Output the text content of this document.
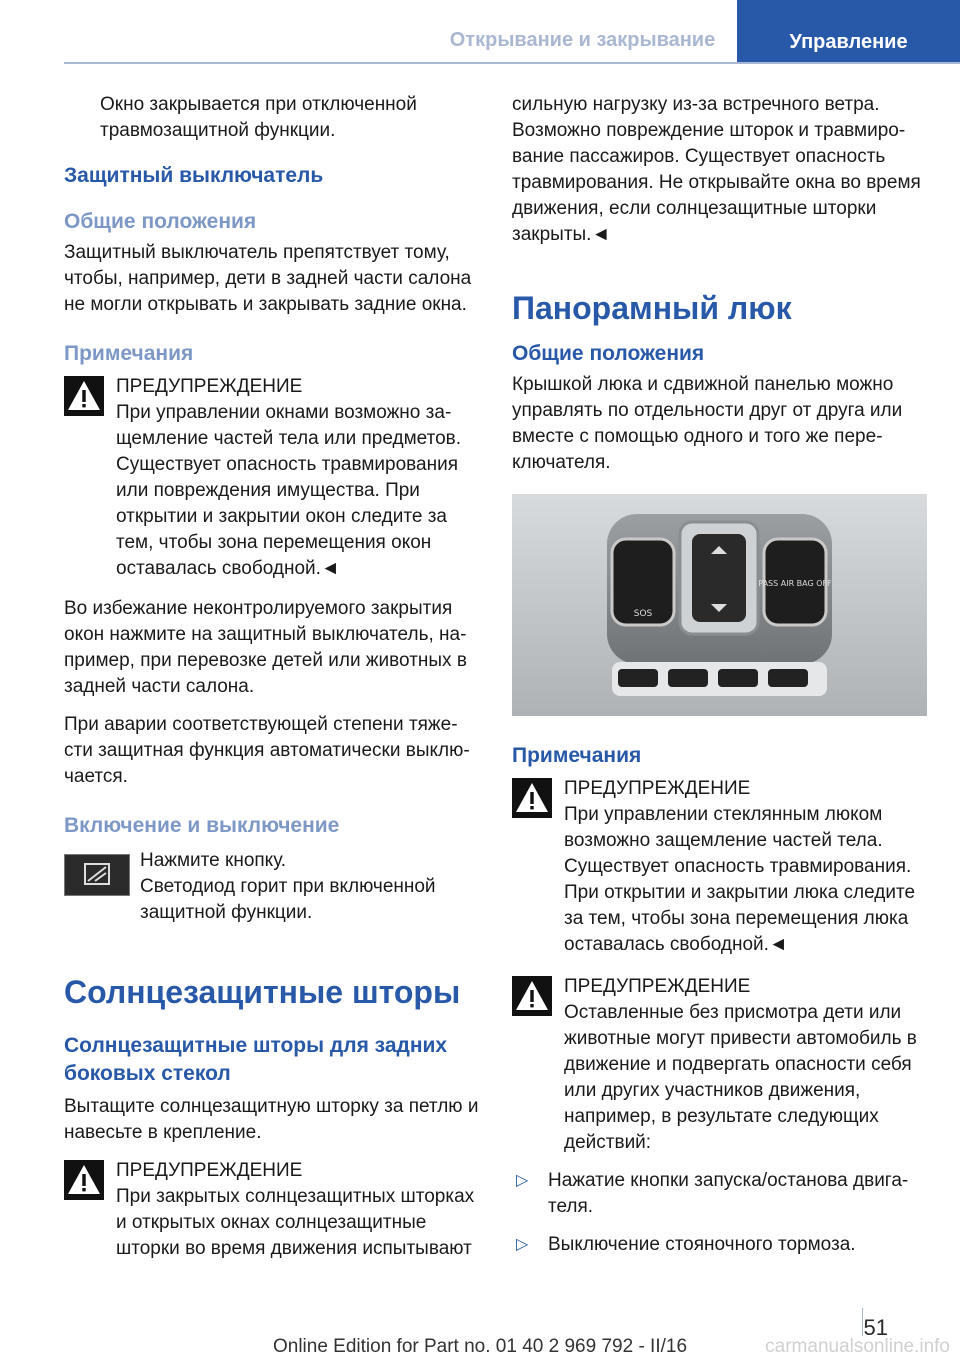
Открывание и закрывание	Управление

Окно закрывается при отключенной травмозащитной функции.

Защитный выключатель

Общие положения

Защитный выключатель препятствует тому, чтобы, например, дети в задней части салона не могли открывать и закрывать задние окна.

Примечания

ПРЕДУПРЕЖДЕНИЕ

При управлении окнами возможно защемление частей тела или предметов. Существует опасность травмирования или повреждения имущества. При открытии и закрытии окон следите за тем, чтобы зона перемещения окон оставалась свободной.◄

Во избежание неконтролируемого закрытия окон нажмите на защитный выключатель, например, при перевозке детей или животных в задней части салона.

При аварии соответствующей степени тяжести защитная функция автоматически выключается.

Включение и выключение

Нажмите кнопку.

Светодиод горит при включенной защитной функции.

Солнцезащитные шторы

Солнцезащитные шторы для задних боковых стекол

Вытащите солнцезащитную шторку за петлю и навесьте в крепление.

ПРЕДУПРЕЖДЕНИЕ

При закрытых солнцезащитных шторках и открытых окнах солнцезащитные шторки во время движения испытывают

сильную нагрузку из-за встречного ветра. Возможно повреждение шторок и травмирование пассажиров. Существует опасность травмирования. Не открывайте окна во время движения, если солнцезащитные шторки закрыты.◄

Панорамный люк

Общие положения

Крышкой люка и сдвижной панелью можно управлять по отдельности друг от друга или вместе с помощью одного и того же переключателя.

SOS
PASS AIR BAG OFF

Примечания

ПРЕДУПРЕЖДЕНИЕ

При управлении стеклянным люком возможно защемление частей тела. Существует опасность травмирования. При открытии и закрытии люка следите за тем, чтобы зона перемещения люка оставалась свободной.◄

ПРЕДУПРЕЖДЕНИЕ

Оставленные без присмотра дети или животные могут привести автомобиль в движение и подвергать опасности себя или других участников движения, например, в результате следующих действий:

▷ Нажатие кнопки запуска/останова двигателя.

▷ Выключение стояночного тормоза.

51
Online Edition for Part no. 01 40 2 969 792 - II/16	carmanualsonline.info
